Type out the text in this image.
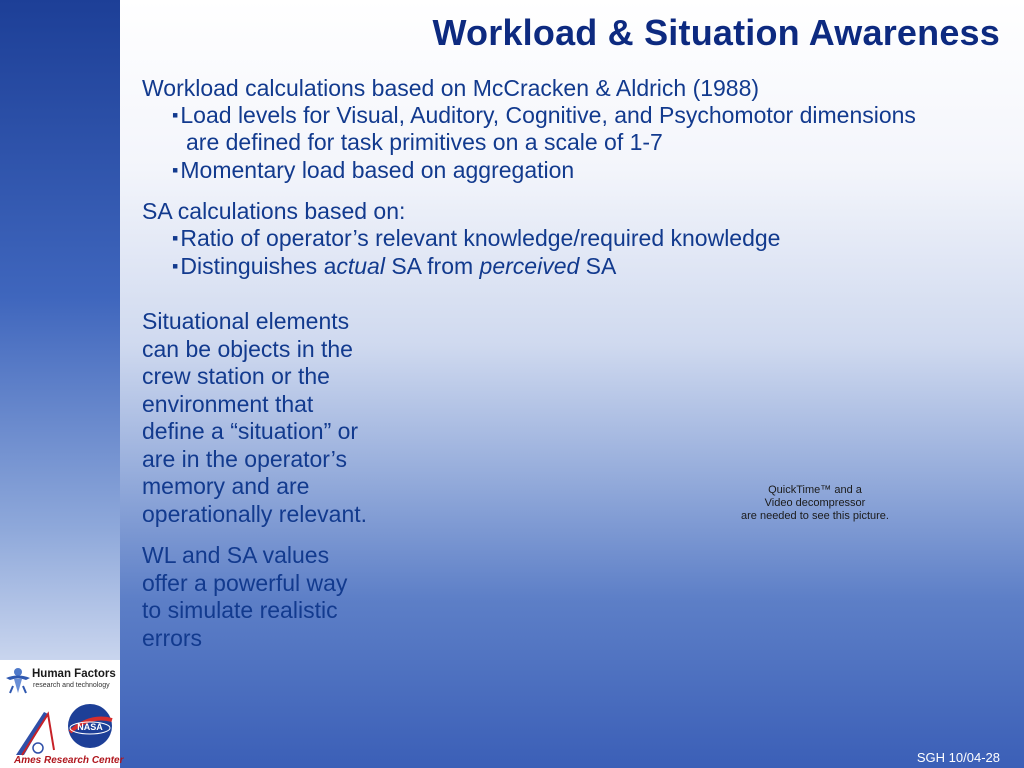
Workload & Situation Awareness
Workload calculations based on McCracken & Aldrich (1988)
▪ Load levels for Visual, Auditory, Cognitive, and Psychomotor dimensions
are defined for task primitives on a scale of 1-7
▪ Momentary load based on aggregation
SA calculations based on:
▪ Ratio of operator’s relevant knowledge/required knowledge
▪ Distinguishes actual SA from perceived SA
Situational elements
can be objects in the
crew station or the
environment that
define a “situation” or
are in the operator’s
memory and are
operationally relevant.
WL and SA values
offer a powerful way
to simulate realistic
errors
QuickTime™ and a
Video decompressor
are needed to see this picture.
SGH 10/04-28
Human Factors
research and technology
NASA
Ames Research Center
